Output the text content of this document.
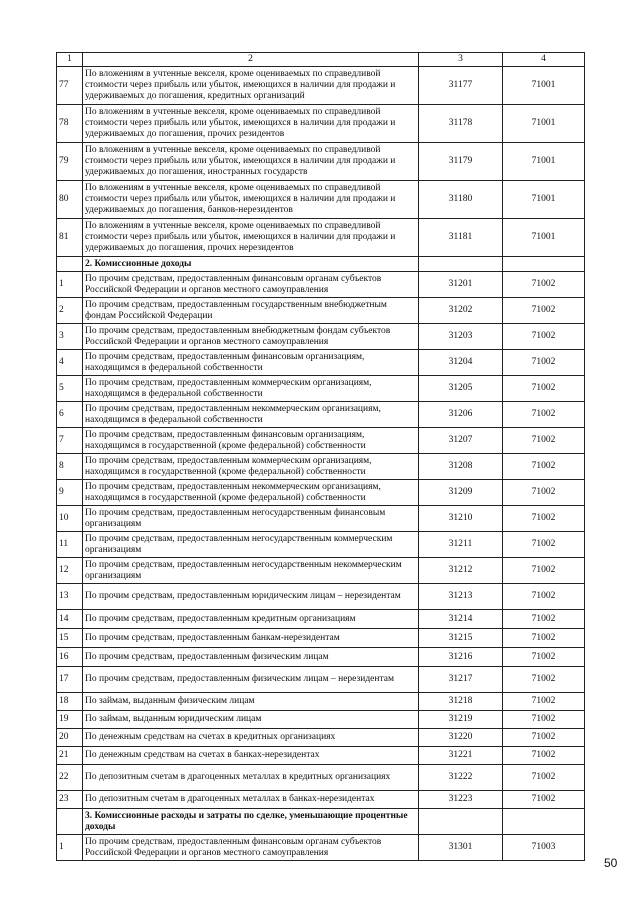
1	2	3	4
77	По вложениям в учтенные векселя, кроме оцениваемых по справедливой стоимости через прибыль или убыток, имеющихся в наличии для продажи и удерживаемых до погашения, кредитных организаций	31177	71001
78	По вложениям в учтенные векселя, кроме оцениваемых по справедливой стоимости через прибыль или убыток, имеющихся в наличии для продажи и удерживаемых до погашения, прочих резидентов	31178	71001
79	По вложениям в учтенные векселя, кроме оцениваемых по справедливой стоимости через прибыль или убыток, имеющихся в наличии для продажи и удерживаемых до погашения, иностранных государств	31179	71001
80	По вложениям в учтенные векселя, кроме оцениваемых по справедливой стоимости через прибыль или убыток, имеющихся в наличии для продажи и удерживаемых до погашения, банков-нерезидентов	31180	71001
81	По вложениям в учтенные векселя, кроме оцениваемых по справедливой стоимости через прибыль или убыток, имеющихся в наличии для продажи и удерживаемых до погашения, прочих нерезидентов	31181	71001
	2. Комиссионные доходы		
1	По прочим средствам, предоставленным финансовым органам субъектов Российской Федерации и органов местного самоуправления	31201	71002
2	По прочим средствам, предоставленным государственным внебюджетным фондам Российской Федерации	31202	71002
3	По прочим средствам, предоставленным внебюджетным фондам субъектов Российской Федерации и органов местного самоуправления	31203	71002
4	По прочим средствам, предоставленным финансовым организациям, находящимся в федеральной собственности	31204	71002
5	По прочим средствам, предоставленным коммерческим организациям, находящимся в федеральной собственности	31205	71002
6	По прочим средствам, предоставленным некоммерческим организациям, находящимся в федеральной собственности	31206	71002
7	По прочим средствам, предоставленным финансовым организациям, находящимся в государственной (кроме федеральной) собственности	31207	71002
8	По прочим средствам, предоставленным коммерческим организациям, находящимся в государственной (кроме федеральной) собственности	31208	71002
9	По прочим средствам, предоставленным некоммерческим организациям, находящимся в государственной (кроме федеральной) собственности	31209	71002
10	По прочим средствам, предоставленным негосударственным финансовым организациям	31210	71002
11	По прочим средствам, предоставленным негосударственным коммерческим организациям	31211	71002
12	По прочим средствам, предоставленным негосударственным некоммерческим организациям	31212	71002
13	По прочим средствам, предоставленным юридическим лицам – нерезидентам	31213	71002
14	По прочим средствам, предоставленным кредитным организациям	31214	71002
15	По прочим средствам, предоставленным банкам-нерезидентам	31215	71002
16	По прочим средствам, предоставленным физическим лицам	31216	71002
17	По прочим средствам, предоставленным физическим лицам – нерезидентам	31217	71002
18	По займам, выданным физическим лицам	31218	71002
19	По займам, выданным юридическим лицам	31219	71002
20	По денежным средствам на счетах в кредитных организациях	31220	71002
21	По денежным средствам на счетах в банках-нерезидентах	31221	71002
22	По депозитным счетам в драгоценных металлах в кредитных организациях	31222	71002
23	По депозитным счетам в драгоценных металлах в банках-нерезидентах	31223	71002
	3. Комиссионные расходы и затраты по сделке, уменьшающие процентные доходы		
1	По прочим средствам, предоставленным финансовым органам субъектов Российской Федерации и органов местного самоуправления	31301	71003
50
